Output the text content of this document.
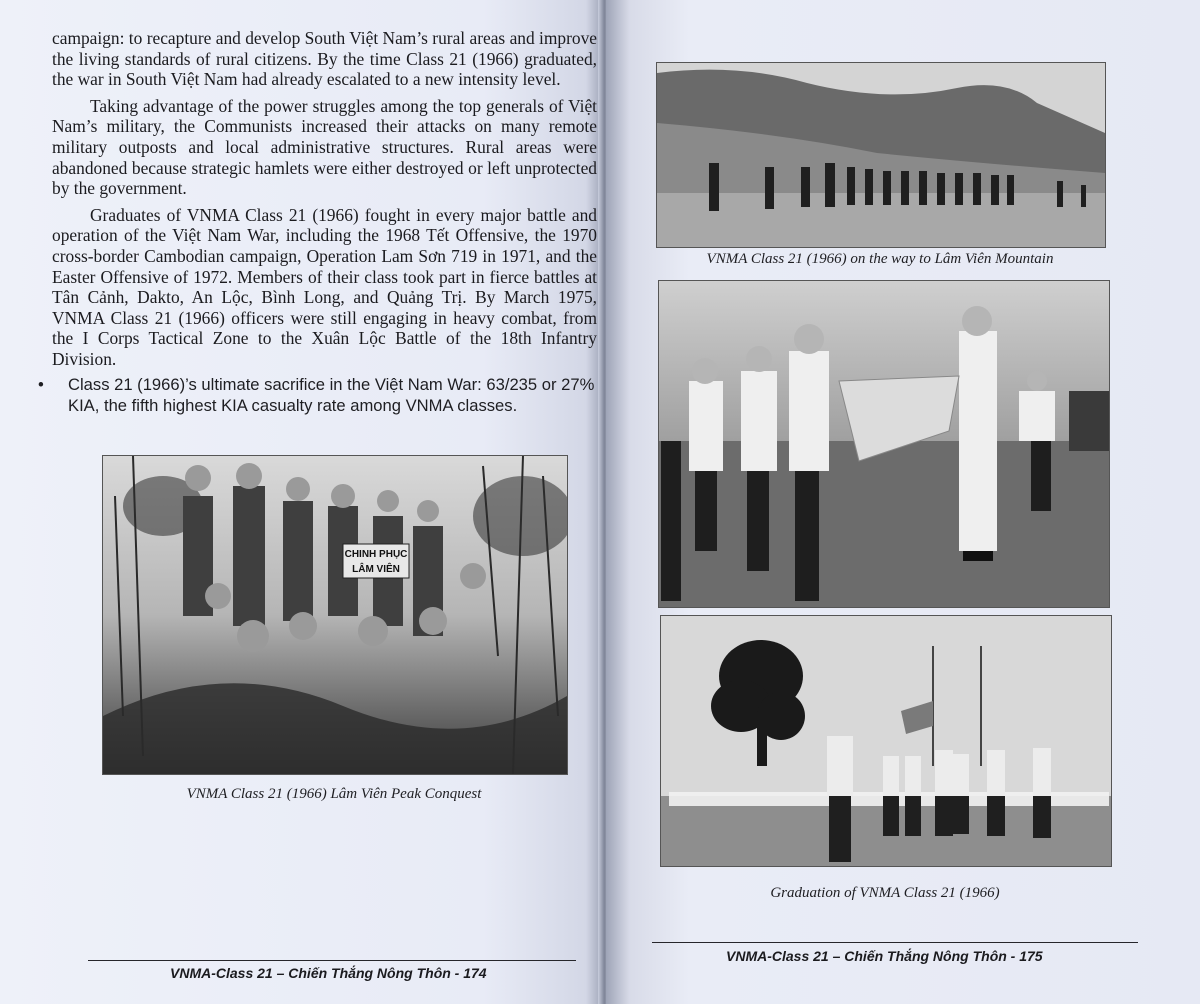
campaign: to recapture and develop South Việt Nam’s rural areas and improve the living standards of rural citizens. By the time Class 21 (1966) graduated, the war in South Việt Nam had already escalated to a new intensity level.

Taking advantage of the power struggles among the top generals of Việt Nam’s military, the Communists increased their attacks on many remote military outposts and local administrative structures. Rural areas were abandoned because strategic hamlets were either destroyed or left unprotected by the government.

Graduates of VNMA Class 21 (1966) fought in every major battle and operation of the Việt Nam War, including the 1968 Tết Offensive, the 1970 cross-border Cambodian campaign, Operation Lam Sơn 719 in 1971, and the Easter Offensive of 1972. Members of their class took part in fierce battles at Tân Cảnh, Dakto, An Lộc, Bình Long, and Quảng Trị. By March 1975, VNMA Class 21 (1966) officers were still engaging in heavy combat, from the I Corps Tactical Zone to the Xuân Lộc Battle of the 18th Infantry Division.

• Class 21 (1966)’s ultimate sacrifice in the Việt Nam War: 63/235 or 27% KIA, the fifth highest KIA casualty rate among VNMA classes.
CHINH PHỤC
LÂM VIÊN
VNMA Class 21 (1966) Lâm Viên Peak Conquest
VNMA-Class 21 – Chiến Thắng Nông Thôn - 174
VNMA Class 21 (1966) on the way to Lâm Viên Mountain
Graduation of VNMA Class 21 (1966)
VNMA-Class 21 – Chiến Thắng Nông Thôn - 175
